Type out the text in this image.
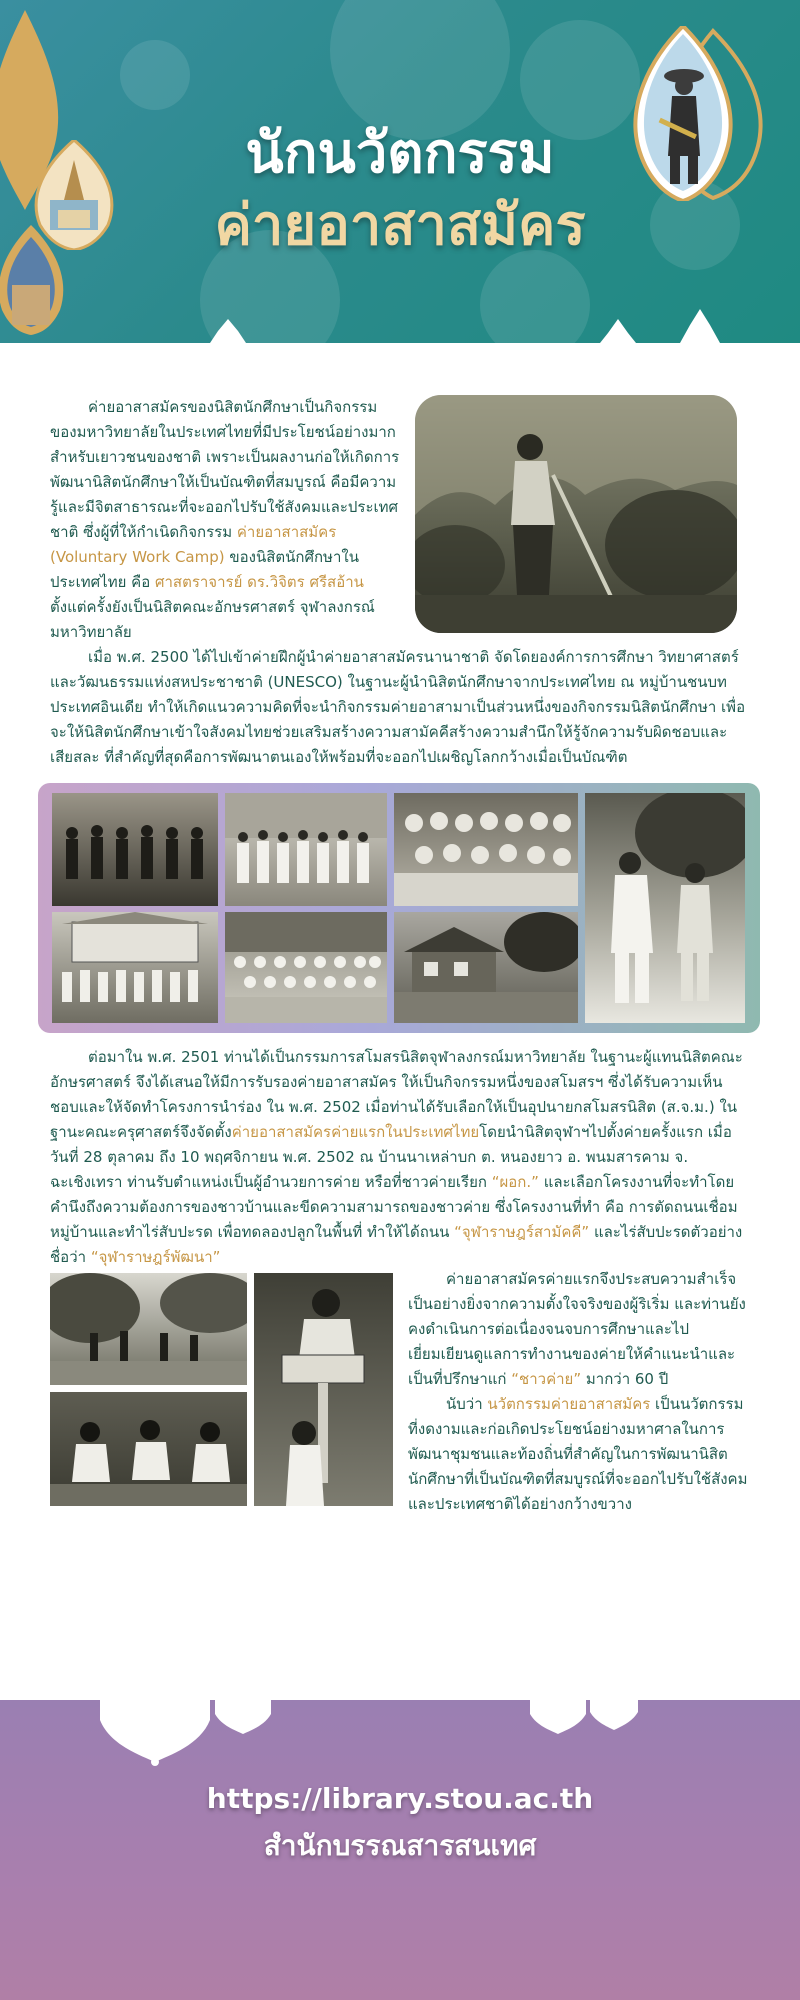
นักนวัตกรรม
ค่ายอาสาสมัคร

ค่ายอาสาสมัครของนิสิตนักศึกษาเป็นกิจกรรมของมหาวิทยาลัยในประเทศไทยที่มีประโยชน์อย่างมากสำหรับเยาวชนของชาติ เพราะเป็นผลงานก่อให้เกิดการพัฒนานิสิตนักศึกษาให้เป็นบัณฑิตที่สมบูรณ์ คือมีความรู้และมีจิตสาธารณะที่จะออกไปรับใช้สังคมและประเทศชาติ ซึ่งผู้ที่ให้กำเนิดกิจกรรม ค่ายอาสาสมัคร (Voluntary Work Camp) ของนิสิตนักศึกษาในประเทศไทย คือ ศาสตราจารย์ ดร.วิจิตร ศรีสอ้าน ตั้งแต่ครั้งยังเป็นนิสิตคณะอักษรศาสตร์ จุฬาลงกรณ์มหาวิทยาลัย

เมื่อ พ.ศ. 2500 ได้ไปเข้าค่ายฝึกผู้นำค่ายอาสาสมัครนานาชาติ จัดโดยองค์การการศึกษา วิทยาศาสตร์และวัฒนธรรมแห่งสหประชาชาติ (UNESCO) ในฐานะผู้นำนิสิตนักศึกษาจากประเทศไทย ณ หมู่บ้านชนบทประเทศอินเดีย ทำให้เกิดแนวความคิดที่จะนำกิจกรรมค่ายอาสามาเป็นส่วนหนึ่งของกิจกรรมนิสิตนักศึกษา เพื่อจะให้นิสิตนักศึกษาเข้าใจสังคมไทยช่วยเสริมสร้างความสามัคคีสร้างความสำนึกให้รู้จักความรับผิดชอบและเสียสละ ที่สำคัญที่สุดคือการพัฒนาตนเองให้พร้อมที่จะออกไปเผชิญโลกกว้างเมื่อเป็นบัณฑิต

ต่อมาใน พ.ศ. 2501 ท่านได้เป็นกรรมการสโมสรนิสิตจุฬาลงกรณ์มหาวิทยาลัย ในฐานะผู้แทนนิสิตคณะอักษรศาสตร์ จึงได้เสนอให้มีการรับรองค่ายอาสาสมัคร ให้เป็นกิจกรรมหนึ่งของสโมสรฯ ซึ่งได้รับความเห็นชอบและให้จัดทำโครงการนำร่อง ใน พ.ศ. 2502 เมื่อท่านได้รับเลือกให้เป็นอุปนายกสโมสรนิสิต (ส.จ.ม.) ในฐานะคณะครุศาสตร์จึงจัดตั้งค่ายอาสาสมัครค่ายแรกในประเทศไทยโดยนำนิสิตจุฬาฯไปตั้งค่ายครั้งแรก เมื่อวันที่ 28 ตุลาคม ถึง 10 พฤศจิกายน พ.ศ. 2502 ณ บ้านนาเหล่าบก ต. หนองยาว อ. พนมสารคาม จ. ฉะเชิงเทรา ท่านรับตำแหน่งเป็นผู้อำนวยการค่าย หรือที่ชาวค่ายเรียก “ผอก.” และเลือกโครงงานที่จะทำโดยคำนึงถึงความต้องการของชาวบ้านและขีดความสามารถของชาวค่าย ซึ่งโครงงานที่ทำ คือ การตัดถนนเชื่อมหมู่บ้านและทำไร่สับปะรด เพื่อทดลองปลูกในพื้นที่ ทำให้ได้ถนน “จุฬาราษฎร์สามัคคี” และไร่สับปะรดตัวอย่างชื่อว่า “จุฬาราษฎร์พัฒนา”

ค่ายอาสาสมัครค่ายแรกจึงประสบความสำเร็จเป็นอย่างยิ่งจากความตั้งใจจริงของผู้ริเริ่ม และท่านยังคงดำเนินการต่อเนื่องจนจบการศึกษาและไปเยี่ยมเยียนดูแลการทำงานของค่ายให้คำแนะนำและเป็นที่ปรึกษาแก่ “ชาวค่าย” มากว่า 60 ปี

นับว่า นวัตกรรมค่ายอาสาสมัคร เป็นนวัตกรรมที่งดงามและก่อเกิดประโยชน์อย่างมหาศาลในการพัฒนาชุมชนและท้องถิ่นที่สำคัญในการพัฒนานิสิตนักศึกษาที่เป็นบัณฑิตที่สมบูรณ์ที่จะออกไปรับใช้สังคมและประเทศชาติได้อย่างกว้างขวาง

https://library.stou.ac.th
สำนักบรรณสารสนเทศ
